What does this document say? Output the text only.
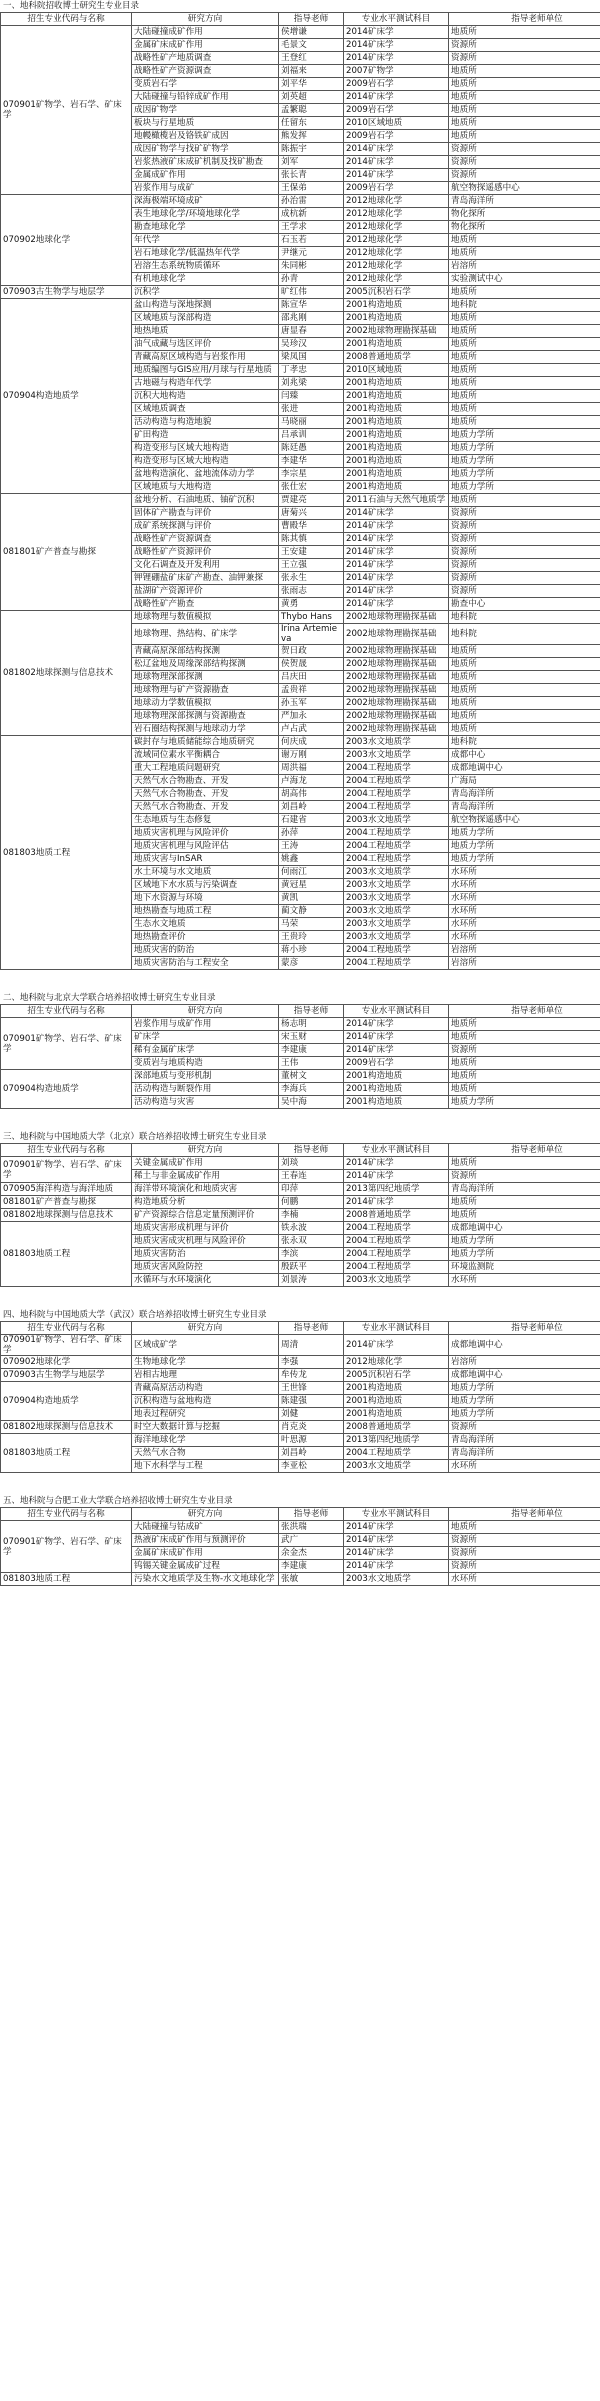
一、地科院招收博士研究生专业目录
招生专业代码与名称	研究方向	指导老师	专业水平测试科目	指导老师单位
070901矿物学、岩石学、矿床学	大陆碰撞成矿作用	侯增谦	2014矿床学	地质所
	金属矿床成矿作用	毛景文	2014矿床学	资源所
	战略性矿产地质调查	王登红	2014矿床学	资源所
	战略性矿产资源调查	刘福来	2007矿物学	地质所
	变质岩石学	刘平华	2009岩石学	地质所
	大陆碰撞与铅锌成矿作用	刘英超	2014矿床学	地质所
	成因矿物学	孟繁聪	2009岩石学	地质所
	板块与行星地质	任留东	2010区域地质	地质所
	地幔橄榄岩及铬铁矿成因	熊发挥	2009岩石学	地质所
	成因矿物学与找矿矿物学	陈振宇	2014矿床学	资源所
	岩浆热液矿床成矿机制及找矿勘查	刘军	2014矿床学	资源所
	金属成矿作用	张长青	2014矿床学	资源所
	岩浆作用与成矿	王保弟	2009岩石学	航空物探遥感中心
070902地球化学	深海极端环境成矿	孙治雷	2012地球化学	青岛海洋所
	表生地球化学/环境地球化学	成杭新	2012地球化学	物化探所
	勘查地球化学	王学求	2012地球化学	物化探所
	年代学	石玉若	2012地球化学	地质所
	岩石地球化学/低温热年代学	尹继元	2012地球化学	地质所
	岩溶生态系统物质循环	朱同彬	2012地球化学	岩溶所
	有机地球化学	孙青	2012地球化学	实验测试中心
070903古生物学与地层学	沉积学	旷红伟	2005沉积岩石学	地质所
070904构造地质学	盆山构造与深地探测	陈宣华	2001构造地质	地科院
	区域地质与深部构造	邵兆刚	2001构造地质	地质所
	地热地质	唐显春	2002地球物理勘探基础	地质所
	油气成藏与选区评价	吴珍汉	2001构造地质	地质所
	青藏高原区域构造与岩浆作用	梁凤国	2008普通地质学	地质所
	地质编图与GIS应用/月球与行星地质	丁孝忠	2010区域地质	地质所
	古地磁与构造年代学	刘兆梁	2001构造地质	地质所
	沉积大地构造	闫臻	2001构造地质	地质所
	区域地质调查	张进	2001构造地质	地质所
	活动构造与构造地貌	马晓丽	2001构造地质	地质所
	矿田构造	吕承训	2001构造地质	地质力学所
	构造变形与区域大地构造	陈廷愚	2001构造地质	地质力学所
	构造变形与区域大地构造	李建华	2001构造地质	地质力学所
	盆地构造演化、盆地流体动力学	李宗星	2001构造地质	地质力学所
	区域地质与大地构造	张仕宏	2001构造地质	地质力学所
081801矿产普查与勘探	盆地分析、石油地质、铀矿沉积	贾建亮	2011石油与天然气地质学	地质所
	固体矿产勘查与评价	唐菊兴	2014矿床学	资源所
	成矿系统探测与评价	曹殿华	2014矿床学	资源所
	战略性矿产资源调查	陈其慎	2014矿床学	资源所
	战略性矿产资源评价	王安建	2014矿床学	资源所
	文化石调查及开发利用	王立强	2014矿床学	资源所
	钾锂硼盐矿床矿产勘查、油钾兼探	张永生	2014矿床学	资源所
	盐湖矿产资源评价	张雨志	2014矿床学	资源所
	战略性矿产勘查	黄勇	2014矿床学	勘查中心
081802地球探测与信息技术	地球物理与数值模拟	Thybo Hans	2002地球物理勘探基础	地科院
	地球物理、热结构、矿床学	Irina Artemieva	2002地球物理勘探基础	地科院
	青藏高原深部结构探测	贺日政	2002地球物理勘探基础	地质所
	松辽盆地及周缘深部结构探测	侯贺晟	2002地球物理勘探基础	地质所
	地球物理深部探测	吕庆田	2002地球物理勘探基础	地质所
	地球物理与矿产资源勘查	孟贵祥	2002地球物理勘探基础	地质所
	地球动力学数值模拟	孙玉军	2002地球物理勘探基础	地质所
	地球物理深部探测与资源勘查	严加永	2002地球物理勘探基础	地质所
	岩石圈结构探测与地球动力学	卢占武	2002地球物理勘探基础	地质所
081803地质工程	碳封存与地质储能综合地质研究	何庆成	2003水文地质学	地科院
	流域同位素水平衡耦合	谢万刚	2003水文地质学	成都中心
	重大工程地质问题研究	周洪福	2004工程地质学	成都地调中心
	天然气水合物勘查、开发	卢海龙	2004工程地质学	广海局
	天然气水合物勘查、开发	胡高伟	2004工程地质学	青岛海洋所
	天然气水合物勘查、开发	刘昌岭	2004工程地质学	青岛海洋所
	生态地质与生态修复	石建省	2003水文地质学	航空物探遥感中心
	地质灾害机理与风险评价	孙萍	2004工程地质学	地质力学所
	地质灾害机理与风险评估	王涛	2004工程地质学	地质力学所
	地质灾害与InSAR	姚鑫	2004工程地质学	地质力学所
	水土环境与水文地质	何雨江	2003水文地质学	水环所
	区域地下水水质与污染调查	黄冠星	2003水文地质学	水环所
	地下水资源与环境	黄凯	2003水文地质学	水环所
	地热勘查与地质工程	蔺文静	2003水文地质学	水环所
	生态水文地质	马荣	2003水文地质学	水环所
	地热勘查评价	王贵玲	2003水文地质学	水环所
	地质灾害的防治	蒋小珍	2004工程地质学	岩溶所
	地质灾害防治与工程安全	蒙彦	2004工程地质学	岩溶所
二、地科院与北京大学联合培养招收博士研究生专业目录
招生专业代码与名称	研究方向	指导老师	专业水平测试科目	指导老师单位
070901矿物学、岩石学、矿床学	岩浆作用与成矿作用	杨志明	2014矿床学	地质所
	矿床学	宋玉财	2014矿床学	地质所
	稀有金属矿床学	李建康	2014矿床学	资源所
	变质岩与地质构造	王伟	2009岩石学	地质所
070904构造地质学	深部地质与变形机制	董树文	2001构造地质	地质所
	活动构造与断裂作用	李海兵	2001构造地质	地质所
	活动构造与灾害	吴中海	2001构造地质	地质力学所
三、地科院与中国地质大学（北京）联合培养招收博士研究生专业目录
招生专业代码与名称	研究方向	指导老师	专业水平测试科目	指导老师单位
070901矿物学、岩石学、矿床学	关键金属成矿作用	刘琰	2014矿床学	地质所
	稀土与非金属成矿作用	王春连	2014矿床学	资源所
070905海洋构造与海洋地质	海洋带环境演化和地质灾害	印萍	2013第四纪地质学	青岛海洋所
081801矿产普查与勘探	构造地质分析	何鹏	2014矿床学	地质所
081802地球探测与信息技术	矿产资源综合信息定量预测评价	李楠	2008普通地质学	地质所
081803地质工程	地质灾害形成机理与评价	铁永波	2004工程地质学	成都地调中心
	地质灾害成灾机理与风险评价	张永双	2004工程地质学	地质力学所
	地质灾害防治	李滨	2004工程地质学	地质力学所
	地质灾害风险防控	殷跃平	2004工程地质学	环境监测院
	水循环与水环境演化	刘景涛	2003水文地质学	水环所
四、地科院与中国地质大学（武汉）联合培养招收博士研究生专业目录
招生专业代码与名称	研究方向	指导老师	专业水平测试科目	指导老师单位
070901矿物学、岩石学、矿床学	区域成矿学	周清	2014矿床学	成都地调中心
070902地球化学	生物地球化学	李强	2012地球化学	岩溶所
070903古生物学与地层学	岩相古地理	牟传龙	2005沉积岩石学	成都地调中心
070904构造地质学	青藏高原活动构造	王世锋	2001构造地质	地质力学所
	沉积构造与盆地构造	陈建强	2001构造地质	地质力学所
	地表过程研究	刘健	2001构造地质	地质力学所
081802地球探测与信息技术	时空大数据计算与挖掘	肖克炎	2008普通地质学	资源所
081803地质工程	海洋地球化学	叶思源	2013第四纪地质学	青岛海洋所
	天然气水合物	刘昌岭	2004工程地质学	青岛海洋所
	地下水科学与工程	李亚松	2003水文地质学	水环所
五、地科院与合肥工业大学联合培养招收博士研究生专业目录
招生专业代码与名称	研究方向	指导老师	专业水平测试科目	指导老师单位
070901矿物学、岩石学、矿床学	大陆碰撞与钴成矿	张洪瑞	2014矿床学	地质所
	热液矿床成矿作用与预测评价	武广	2014矿床学	资源所
	金属矿床成矿作用	余金杰	2014矿床学	资源所
	钨锡关键金属成矿过程	李建康	2014矿床学	资源所
081803地质工程	污染水文地质学及生物-水文地球化学	张敏	2003水文地质学	水环所
